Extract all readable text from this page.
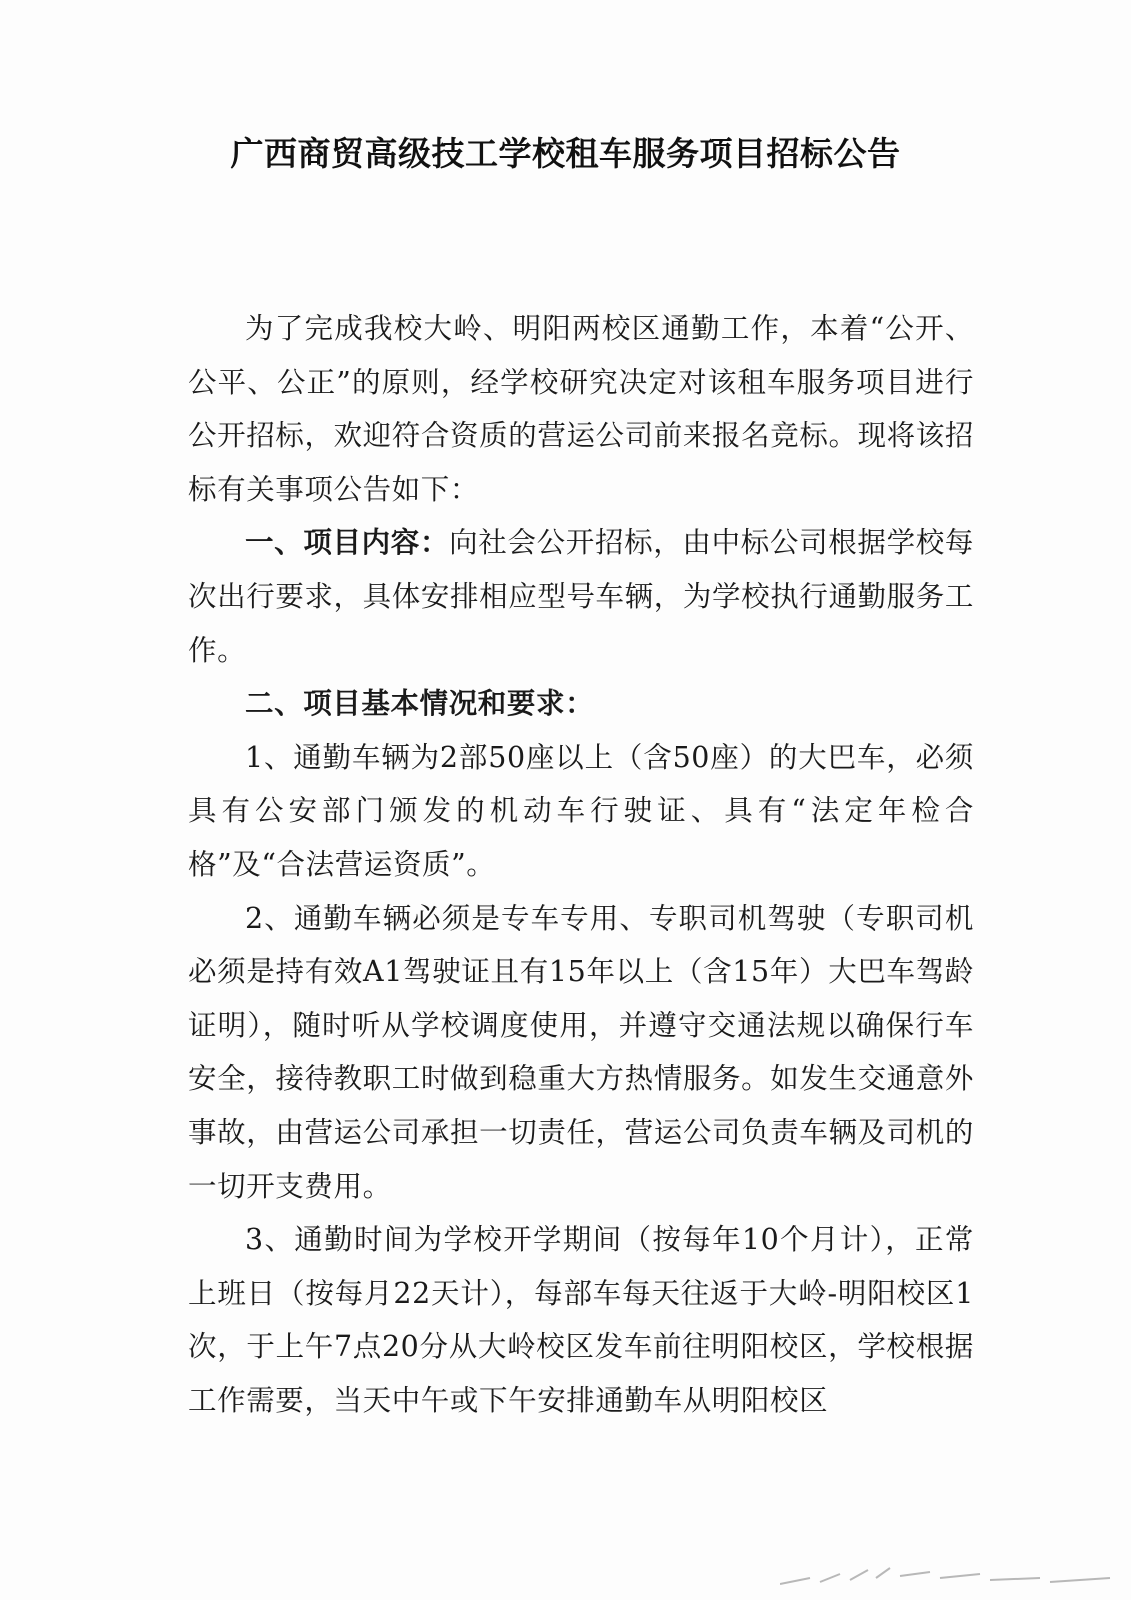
广西商贸高级技工学校租车服务项目招标公告

为了完成我校大岭、明阳两校区通勤工作，本着“公开、公平、公正”的原则，经学校研究决定对该租车服务项目进行公开招标，欢迎符合资质的营运公司前来报名竞标。现将该招标有关事项公告如下：

一、项目内容：向社会公开招标，由中标公司根据学校每次出行要求，具体安排相应型号车辆，为学校执行通勤服务工作。

二、项目基本情况和要求：

1、通勤车辆为2部50座以上（含50座）的大巴车，必须具有公安部门颁发的机动车行驶证、具有“法定年检合格”及“合法营运资质”。

2、通勤车辆必须是专车专用、专职司机驾驶（专职司机必须是持有效A1驾驶证且有15年以上（含15年）大巴车驾龄证明），随时听从学校调度使用，并遵守交通法规以确保行车安全，接待教职工时做到稳重大方热情服务。如发生交通意外事故，由营运公司承担一切责任，营运公司负责车辆及司机的一切开支费用。

3、通勤时间为学校开学期间（按每年10个月计），正常上班日（按每月22天计），每部车每天往返于大岭-明阳校区1次，于上午7点20分从大岭校区发车前往明阳校区，学校根据工作需要，当天中午或下午安排通勤车从明阳校区
